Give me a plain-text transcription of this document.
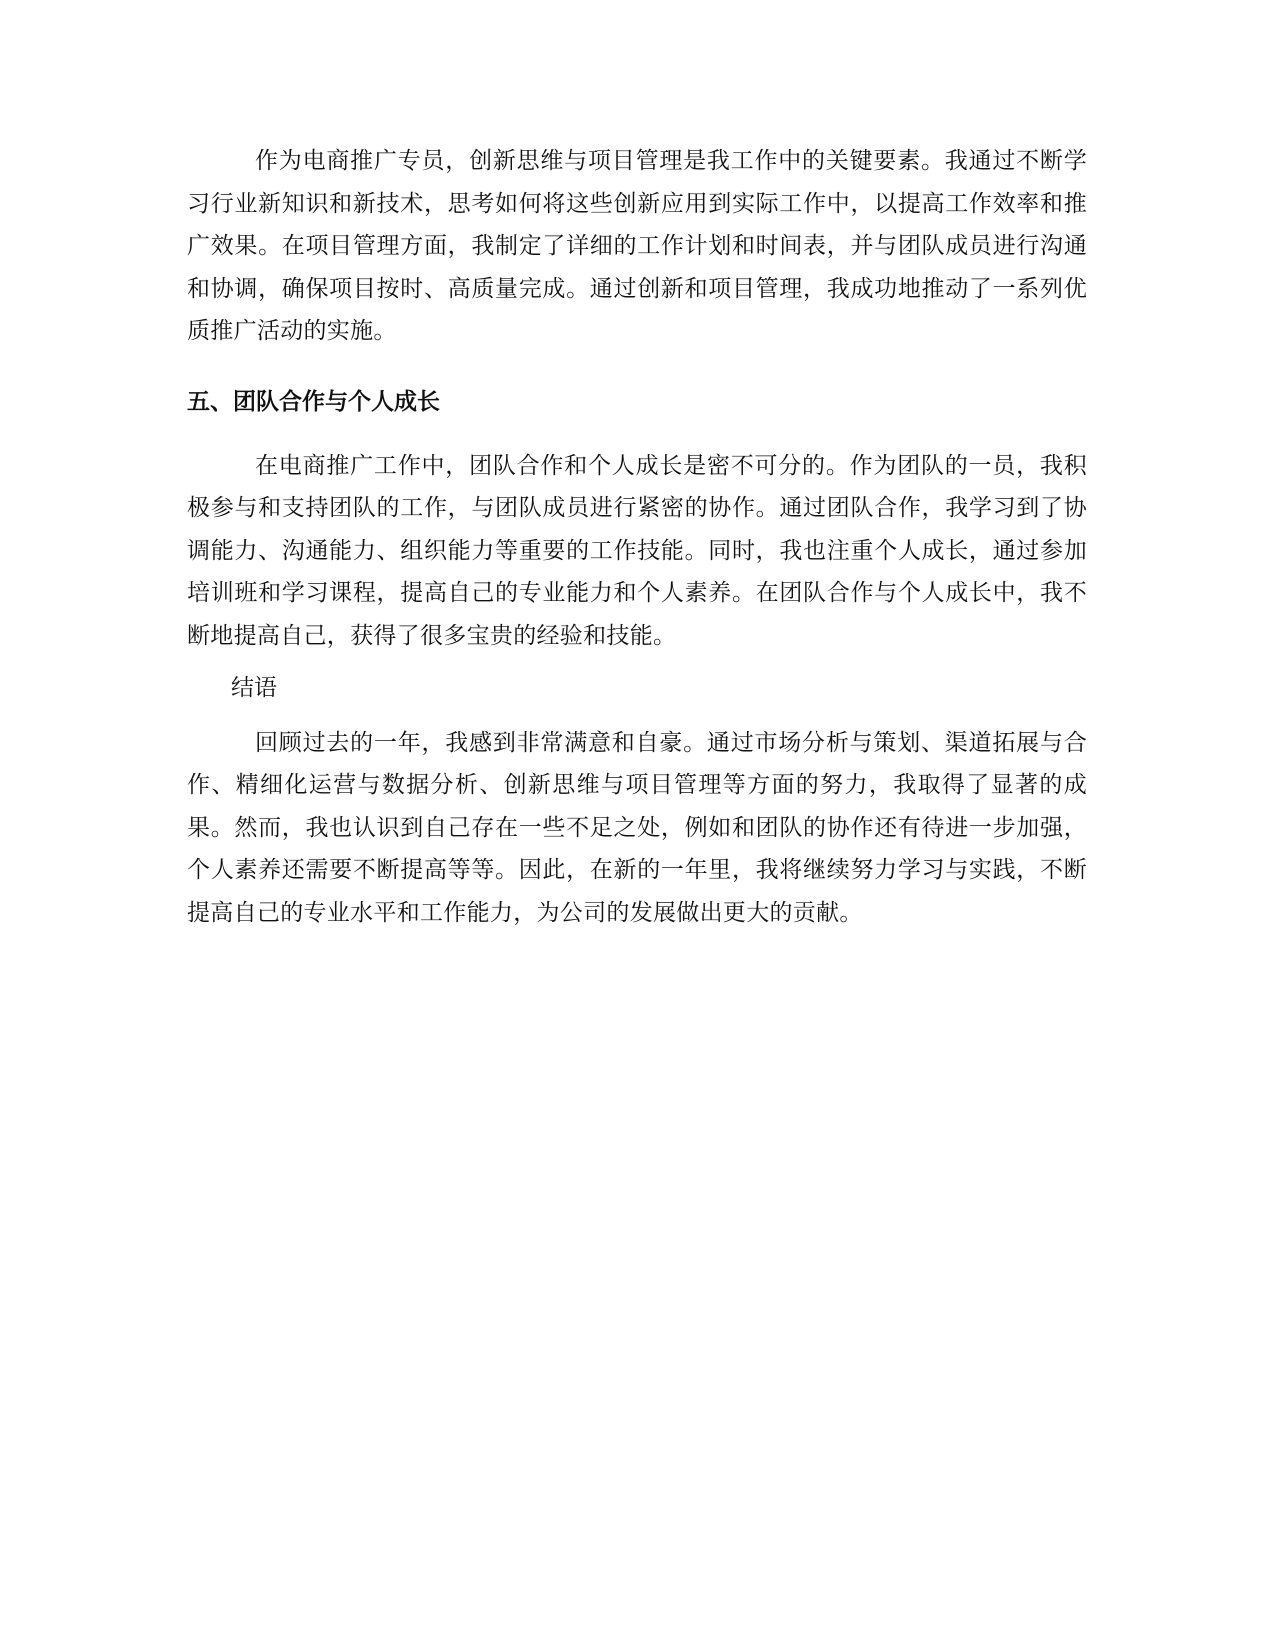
作为电商推广专员，创新思维与项目管理是我工作中的关键要素。我通过不断学习行业新知识和新技术，思考如何将这些创新应用到实际工作中，以提高工作效率和推广效果。在项目管理方面，我制定了详细的工作计划和时间表，并与团队成员进行沟通和协调，确保项目按时、高质量完成。通过创新和项目管理，我成功地推动了一系列优质推广活动的实施。

五、团队合作与个人成长

在电商推广工作中，团队合作和个人成长是密不可分的。作为团队的一员，我积极参与和支持团队的工作，与团队成员进行紧密的协作。通过团队合作，我学习到了协调能力、沟通能力、组织能力等重要的工作技能。同时，我也注重个人成长，通过参加培训班和学习课程，提高自己的专业能力和个人素养。在团队合作与个人成长中，我不断地提高自己，获得了很多宝贵的经验和技能。

结语

回顾过去的一年，我感到非常满意和自豪。通过市场分析与策划、渠道拓展与合作、精细化运营与数据分析、创新思维与项目管理等方面的努力，我取得了显著的成果。然而，我也认识到自己存在一些不足之处，例如和团队的协作还有待进一步加强，个人素养还需要不断提高等等。因此，在新的一年里，我将继续努力学习与实践，不断提高自己的专业水平和工作能力，为公司的发展做出更大的贡献。
